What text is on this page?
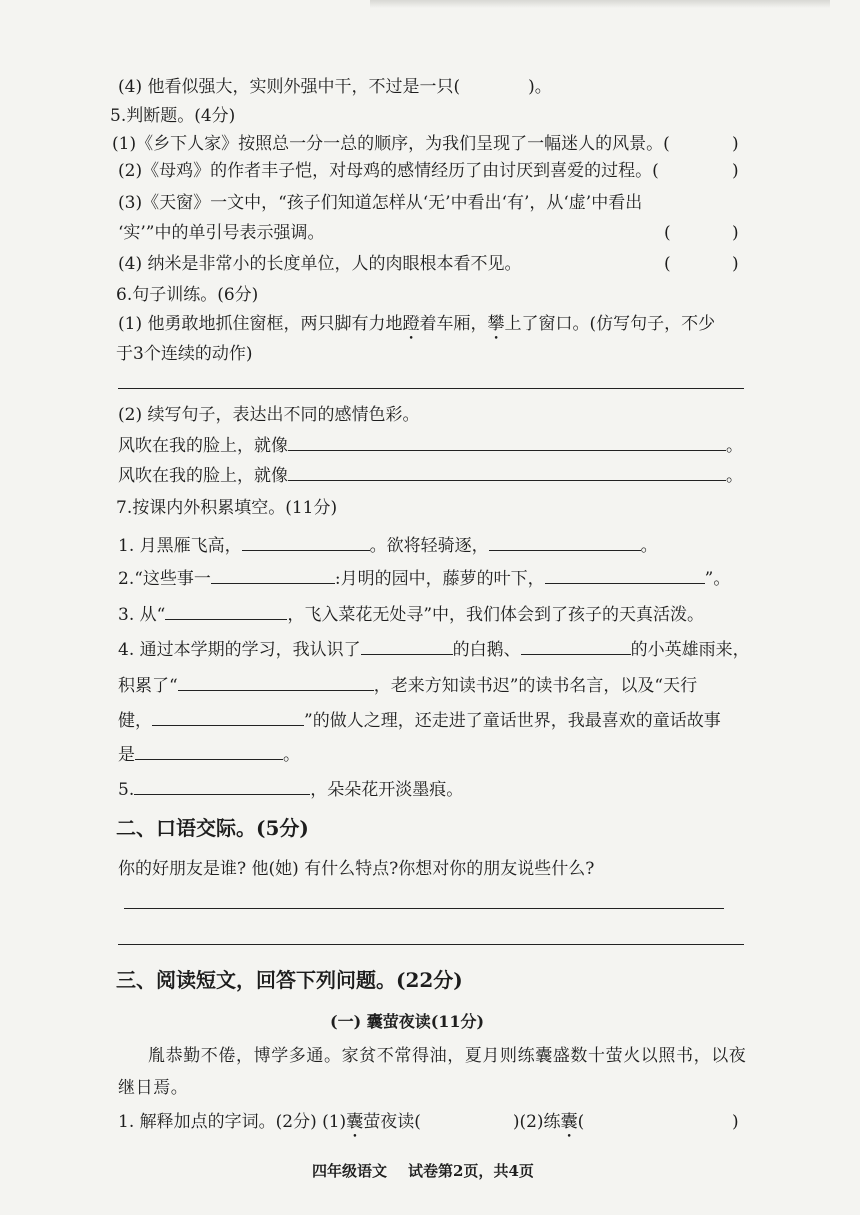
(4) 他看似强大，实则外强中干，不过是一只(	)。
5.判断题。(4分)
(1)《乡下人家》按照总一分一总的顺序，为我们呈现了一幅迷人的风景。(	)
(2)《母鸡》的作者丰子恺，对母鸡的感情经历了由讨厌到喜爱的过程。(	)
(3)《天窗》一文中，“孩子们知道怎样从‘无’中看出‘有’，从‘虚’中看出
‘实’”中的单引号表示强调。	(	)
(4) 纳米是非常小的长度单位，人的肉眼根本看不见。	(	)
6.句子训练。(6分)
(1) 他勇敢地抓住窗框，两只脚有力地蹬着车厢，攀上了窗口。(仿写句子，不少
于3个连续的动作)
(2) 续写句子，表达出不同的感情色彩。
风吹在我的脸上，就像	。
风吹在我的脸上，就像	。
7.按课内外积累填空。(11分)
1. 月黑雁飞高，	。欲将轻骑逐，	。
2.“这些事一	:月明的园中，藤萝的叶下，	”。
3. 从“	，飞入菜花无处寻”中，我们体会到了孩子的天真活泼。
4. 通过本学期的学习，我认识了	的白鹅、	的小英雄雨来，
积累了“	，老来方知读书迟”的读书名言，以及“天行
健，	”的做人之理，还走进了童话世界，我最喜欢的童话故事
是	。
5.	，朵朵花开淡墨痕。
二、口语交际。(5分)
你的好朋友是谁? 他(她) 有什么特点?你想对你的朋友说些什么?
三、阅读短文，回答下列问题。(22分)
(一) 囊萤夜读(11分)
胤恭勤不倦，博学多通。家贫不常得油，夏月则练囊盛数十萤火以照书，以夜
继日焉。
1. 解释加点的字词。(2分) (1)囊萤夜读(	)(2)练囊(	)
四年级语文 试卷第2页，共4页
